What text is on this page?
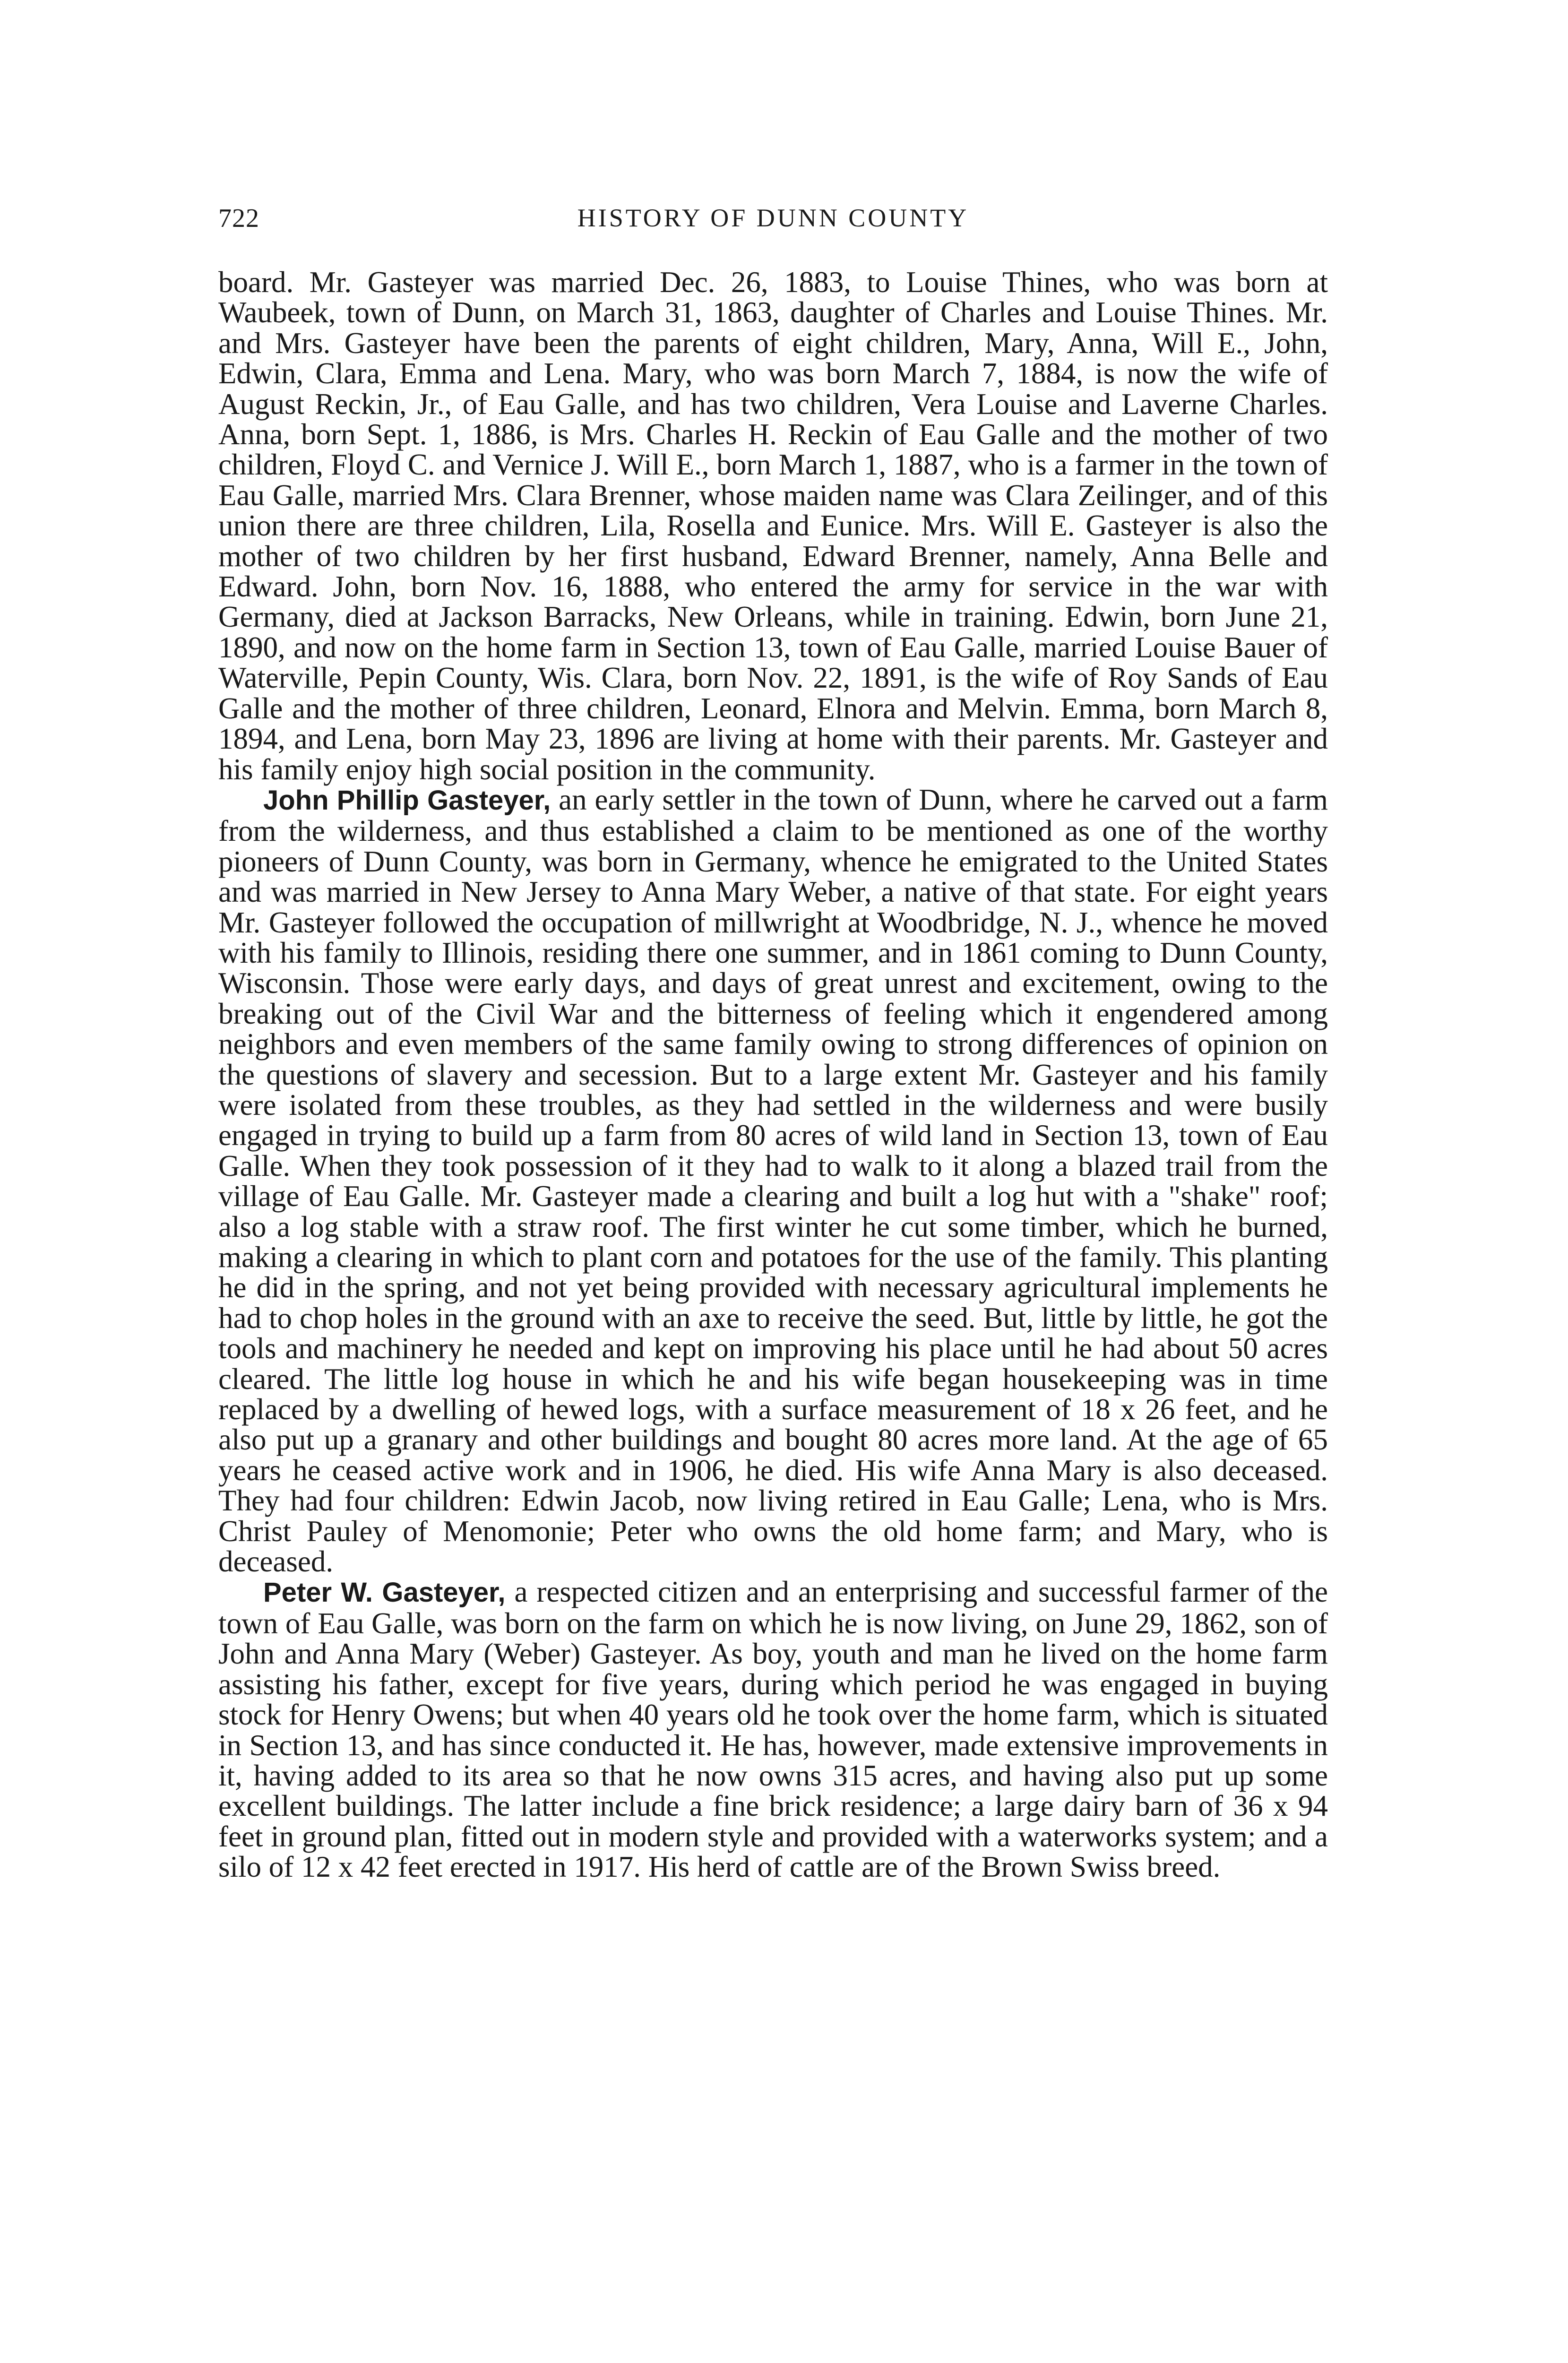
722	HISTORY OF DUNN COUNTY

board. Mr. Gasteyer was married Dec. 26, 1883, to Louise Thines, who was born at Waubeek, town of Dunn, on March 31, 1863, daughter of Charles and Louise Thines. Mr. and Mrs. Gasteyer have been the parents of eight children, Mary, Anna, Will E., John, Edwin, Clara, Emma and Lena. Mary, who was born March 7, 1884, is now the wife of August Reckin, Jr., of Eau Galle, and has two children, Vera Louise and Laverne Charles. Anna, born Sept. 1, 1886, is Mrs. Charles H. Reckin of Eau Galle and the mother of two children, Floyd C. and Vernice J. Will E., born March 1, 1887, who is a farmer in the town of Eau Galle, married Mrs. Clara Brenner, whose maiden name was Clara Zeilinger, and of this union there are three children, Lila, Rosella and Eunice. Mrs. Will E. Gasteyer is also the mother of two children by her first husband, Edward Brenner, namely, Anna Belle and Edward. John, born Nov. 16, 1888, who entered the army for service in the war with Germany, died at Jackson Barracks, New Orleans, while in training. Edwin, born June 21, 1890, and now on the home farm in Section 13, town of Eau Galle, married Louise Bauer of Waterville, Pepin County, Wis. Clara, born Nov. 22, 1891, is the wife of Roy Sands of Eau Galle and the mother of three children, Leonard, Elnora and Melvin. Emma, born March 8, 1894, and Lena, born May 23, 1896 are living at home with their parents. Mr. Gasteyer and his family enjoy high social position in the community.

John Phillip Gasteyer, an early settler in the town of Dunn, where he carved out a farm from the wilderness, and thus established a claim to be mentioned as one of the worthy pioneers of Dunn County, was born in Germany, whence he emigrated to the United States and was married in New Jersey to Anna Mary Weber, a native of that state. For eight years Mr. Gasteyer followed the occupation of millwright at Woodbridge, N. J., whence he moved with his family to Illinois, residing there one summer, and in 1861 coming to Dunn County, Wisconsin. Those were early days, and days of great unrest and excitement, owing to the breaking out of the Civil War and the bitterness of feeling which it engendered among neighbors and even members of the same family owing to strong differences of opinion on the questions of slavery and secession. But to a large extent Mr. Gasteyer and his family were isolated from these troubles, as they had settled in the wilderness and were busily engaged in trying to build up a farm from 80 acres of wild land in Section 13, town of Eau Galle. When they took possession of it they had to walk to it along a blazed trail from the village of Eau Galle. Mr. Gasteyer made a clearing and built a log hut with a "shake" roof; also a log stable with a straw roof. The first winter he cut some timber, which he burned, making a clearing in which to plant corn and potatoes for the use of the family. This planting he did in the spring, and not yet being provided with necessary agricultural implements he had to chop holes in the ground with an axe to receive the seed. But, little by little, he got the tools and machinery he needed and kept on improving his place until he had about 50 acres cleared. The little log house in which he and his wife began housekeeping was in time replaced by a dwelling of hewed logs, with a surface measurement of 18 x 26 feet, and he also put up a granary and other buildings and bought 80 acres more land. At the age of 65 years he ceased active work and in 1906, he died. His wife Anna Mary is also deceased. They had four children: Edwin Jacob, now living retired in Eau Galle; Lena, who is Mrs. Christ Pauley of Menomonie; Peter who owns the old home farm; and Mary, who is deceased.

Peter W. Gasteyer, a respected citizen and an enterprising and successful farmer of the town of Eau Galle, was born on the farm on which he is now living, on June 29, 1862, son of John and Anna Mary (Weber) Gasteyer. As boy, youth and man he lived on the home farm assisting his father, except for five years, during which period he was engaged in buying stock for Henry Owens; but when 40 years old he took over the home farm, which is situated in Section 13, and has since conducted it. He has, however, made extensive improvements in it, having added to its area so that he now owns 315 acres, and having also put up some excellent buildings. The latter include a fine brick residence; a large dairy barn of 36 x 94 feet in ground plan, fitted out in modern style and provided with a waterworks system; and a silo of 12 x 42 feet erected in 1917. His herd of cattle are of the Brown Swiss breed.
